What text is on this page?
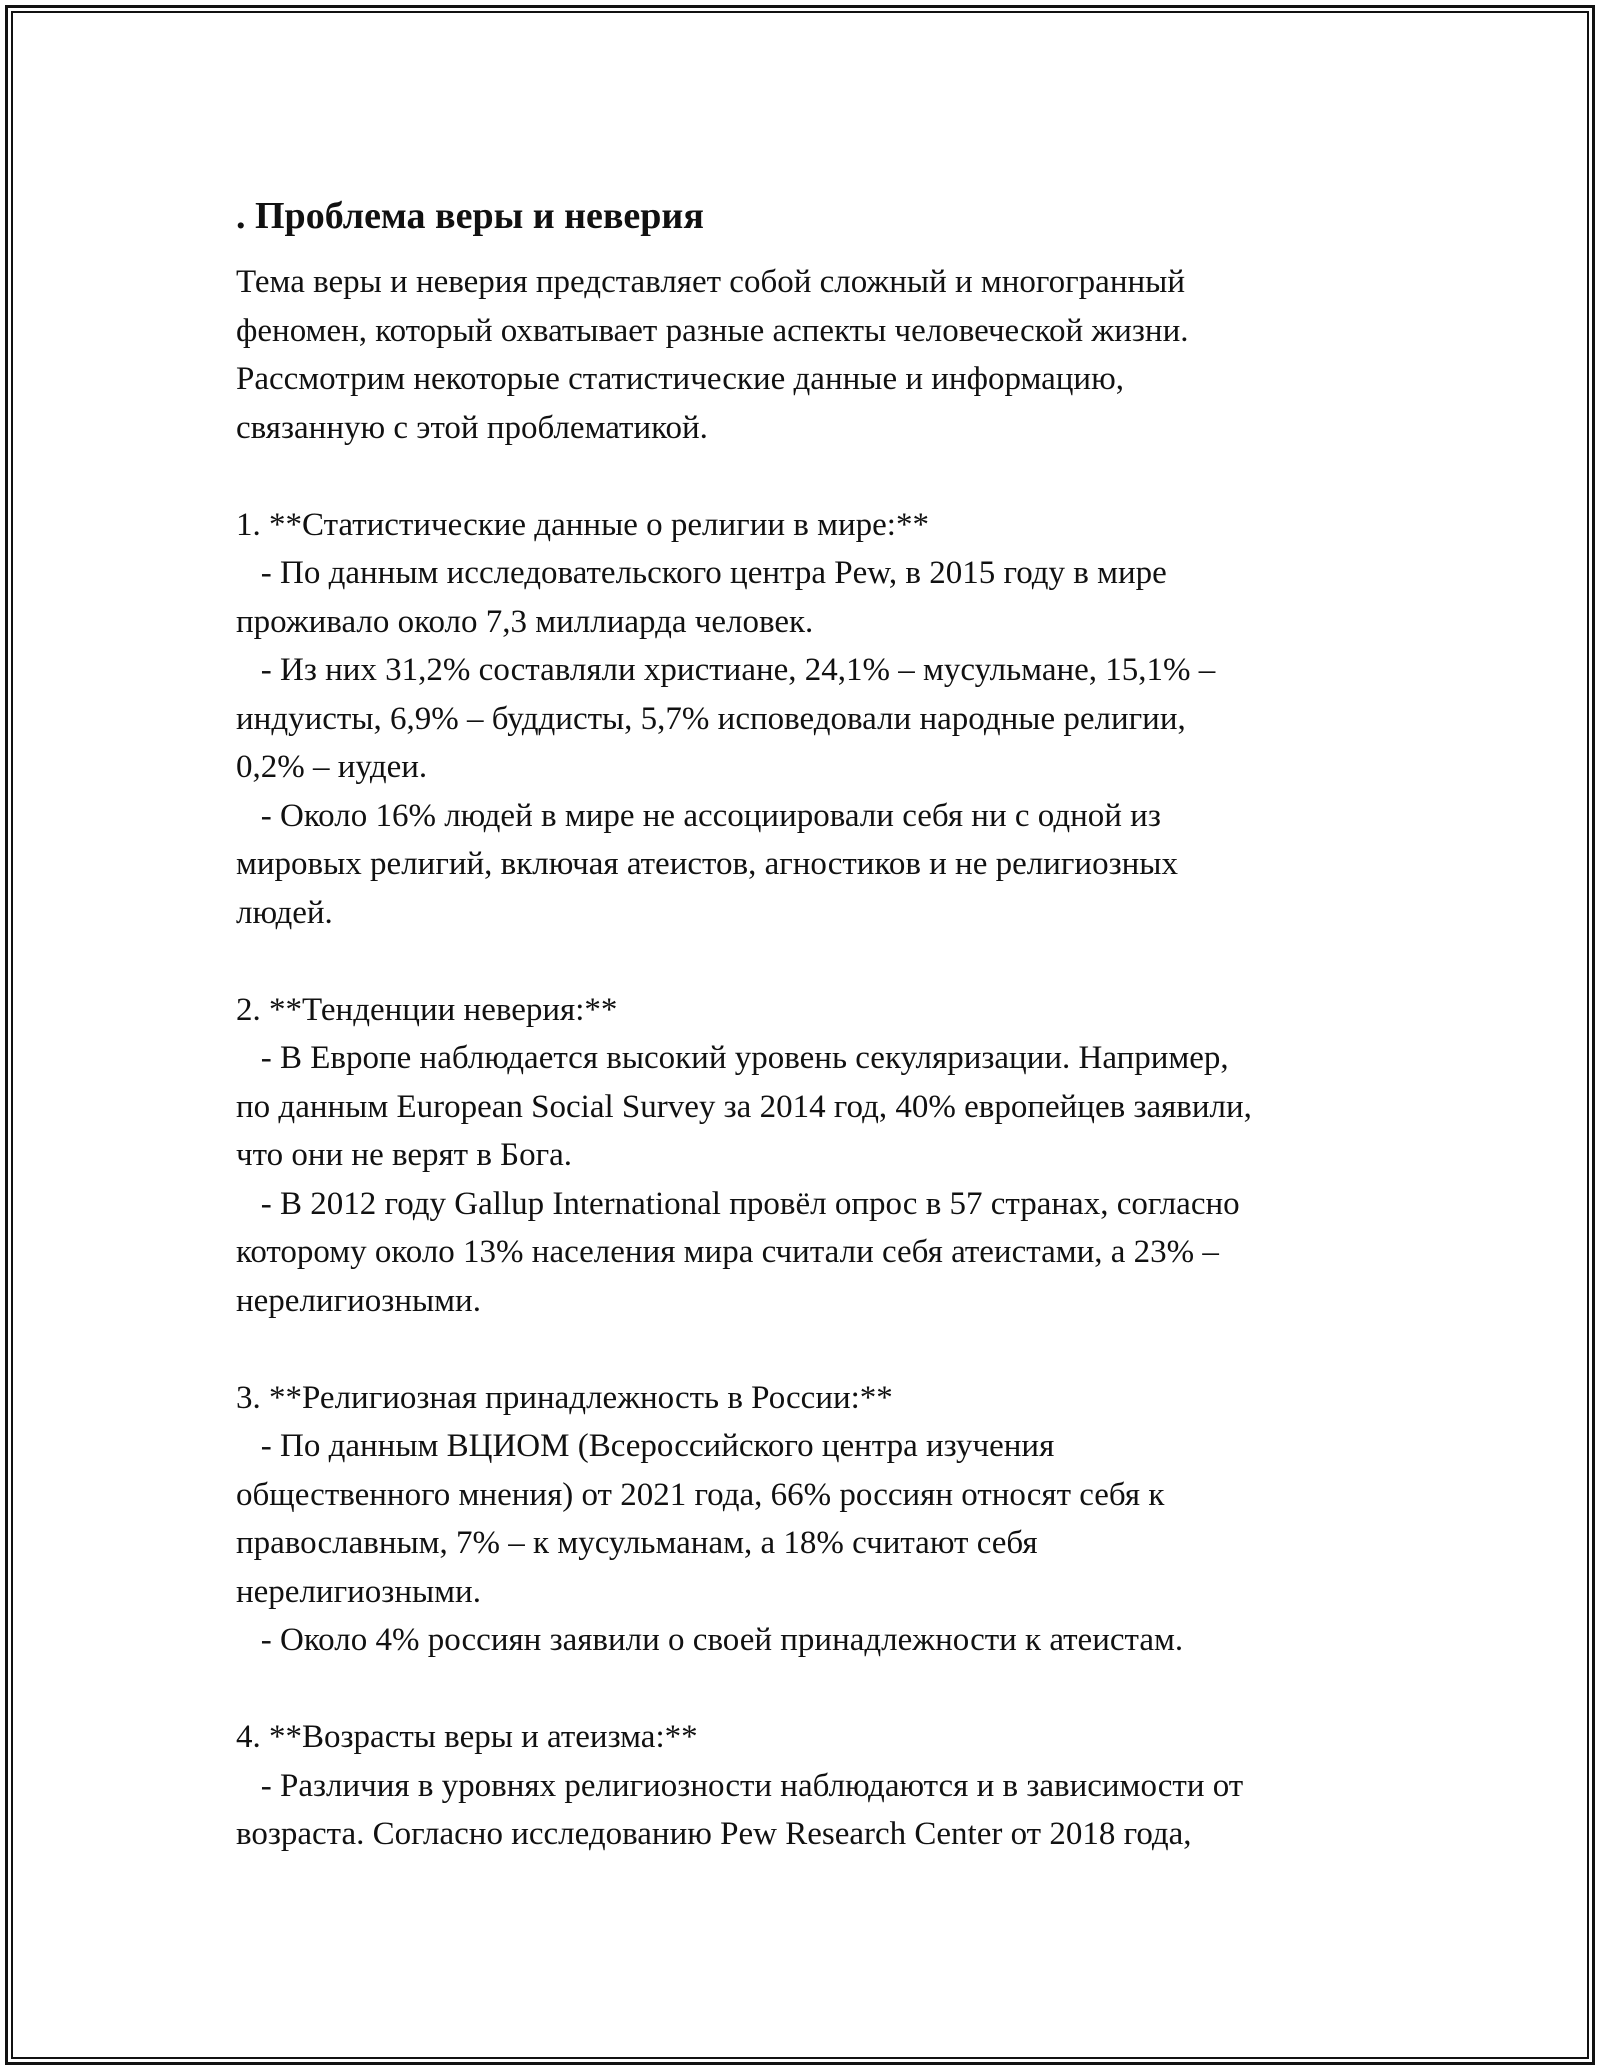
. Проблема веры и неверия
Тема веры и неверия представляет собой сложный и многогранный
феномен, который охватывает разные аспекты человеческой жизни.
Рассмотрим некоторые статистические данные и информацию,
связанную с этой проблематикой.
1. **Статистические данные о религии в мире:**
- По данным исследовательского центра Pew, в 2015 году в мире
проживало около 7,3 миллиарда человек.
- Из них 31,2% составляли христиане, 24,1% – мусульмане, 15,1% –
индуисты, 6,9% – буддисты, 5,7% исповедовали народные религии,
0,2% – иудеи.
- Около 16% людей в мире не ассоциировали себя ни с одной из
мировых религий, включая атеистов, агностиков и не религиозных
людей.
2. **Тенденции неверия:**
- В Европе наблюдается высокий уровень секуляризации. Например,
по данным European Social Survey за 2014 год, 40% европейцев заявили,
что они не верят в Бога.
- В 2012 году Gallup International провёл опрос в 57 странах, согласно
которому около 13% населения мира считали себя атеистами, а 23% –
нерелигиозными.
3. **Религиозная принадлежность в России:**
- По данным ВЦИОМ (Всероссийского центра изучения
общественного мнения) от 2021 года, 66% россиян относят себя к
православным, 7% – к мусульманам, а 18% считают себя
нерелигиозными.
- Около 4% россиян заявили о своей принадлежности к атеистам.
4. **Возрасты веры и атеизма:**
- Различия в уровнях религиозности наблюдаются и в зависимости от
возраста. Согласно исследованию Pew Research Center от 2018 года,
